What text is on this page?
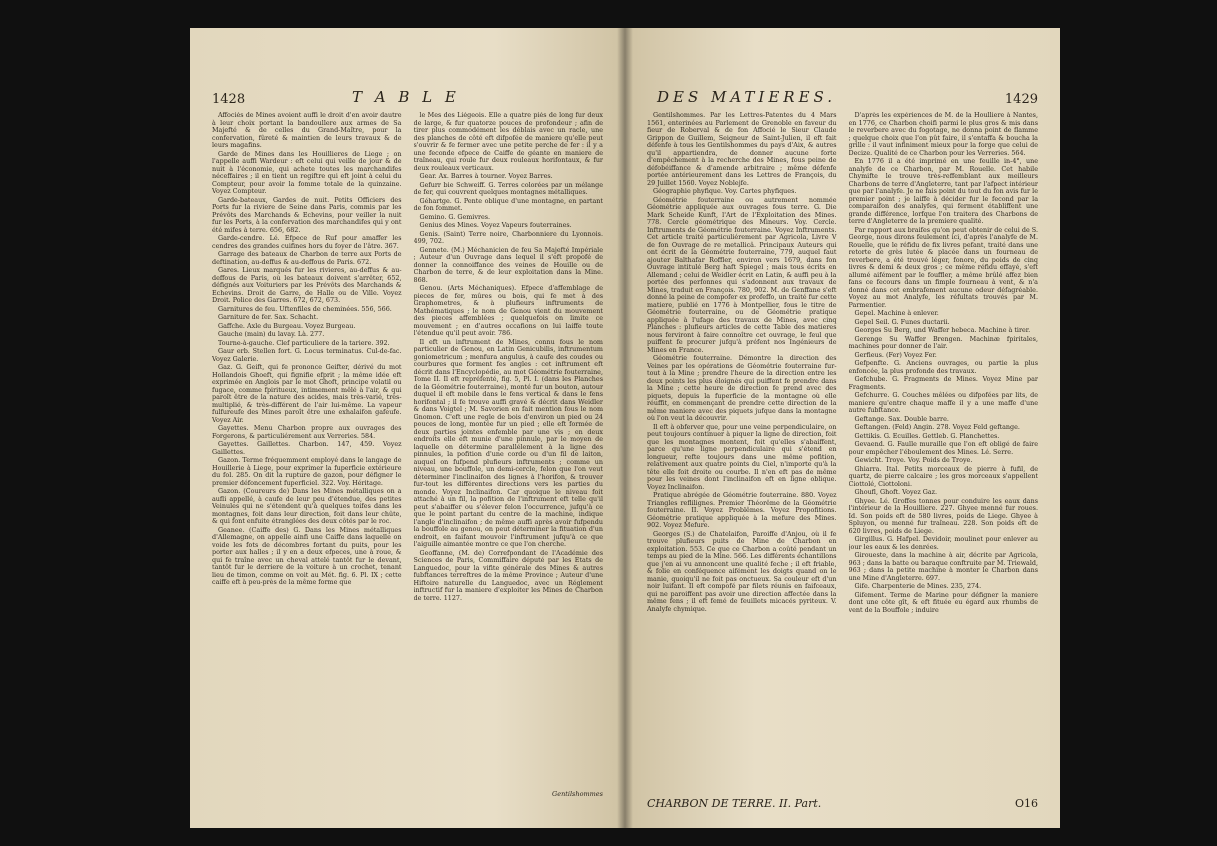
1428	T A B L E

Affociés de Mines avoient auffi le droit d'en avoir dautre à leur choix portant la bandoullere aux armes de Sa Majefté & de celles du Grand-Maître, pour la confervation, fûreté & maintien de leurs travaux & de leurs magafins.

Garde de Mines dans les Houillieres de Liege ; on l'appelle auffi Wardeur : eft celui qui veille de jour & de nuit à l'économie, qui achete toutes les marchandifes néceffaires ; il en tient un regiftre qui eft joint à celui du Compteur, pour avoir la fomme totale de la quinzaine. Voyez Compteur.

Garde-bateaux, Gardes de nuit. Petits Officiers des Ports fur la riviere de Seine dans Paris, commis par les Prévôts des Marchands & Echevins, pour veiller la nuit fur les Ports, à la confervation des marchandifes qui y ont été mifes à terre. 656, 682.

Garde-cendre. Lé. Efpece de Ruf pour amaffer les cendres des grandes cuifines hors du foyer de l'âtre. 367.

Garrage des bateaux de Charbon de terre aux Ports de deftination, au-deffus & au-deffous de Paris. 672.

Gares. Lieux marqués fur les rivieres, au-deffus & au-deffous de Paris, où les bateaux doivent s'arrêter, 652, défignés aux Voituriers par les Prévôts des Marchands & Echevins. Droit de Garre, de Halle ou de Ville. Voyez Droit. Police des Garres. 672, 672, 673.

Garnitures de feu. Uftenfiles de cheminées. 556, 566.

Garniture de fer. Sax. Schacht.

Gaffche. Axle du Burgeau. Voyez Burgeau.

Gauche (main) du lavay. Là. 277.

Tourne-à-gauche. Clef particuliere de la tariere. 392.

Gaur erb. Stellen fort. G. Locus terminatus. Cul-de-fac. Voyez Galerie.

Gaz. G. Geift, qui fe prononce Geifter, dérivé du mot Hollandois Ghoeft, qui fignifie efprit ; la même idée eft exprimée en Anglois par le mot Ghoft, principe volatil ou fugace, comme fpiritueux, intimement mêlé à l'air, & qui paroît être de la nature des acides, mais très-varié, très-multiplié, & très-différent de l'air lui-même. La vapeur fulfureufe des Mines paroît être une exhalaifon gafeufe. Voyez Air.

Gayettes. Menu Charbon propre aux ouvrages des Forgerons, & particuliérement aux Verreries. 584.

Gayettes. Gaillettes. Charbon. 147, 459. Voyez Gaillettes.

Gazon. Terme fréquemment employé dans le langage de Houillerie à Liege, pour exprimer la fuperficie extérieure du fol. 285. On dit la rupture de gazon, pour défigner le premier défoncement fuperficiel. 322. Voy. Héritage.

Gazon. (Coureurs de) Dans les Mines métalliques on a aufli appellé, à caufe de leur peu d'étendue, des petites Veinules qui ne s'étendent qu'à quelques toifes dans les montagnes, foit dans leur direction, foit dans leur chûte, & qui font enfuite étranglées des deux côtés par le roc.

Geanee. (Caiffe des) G. Dans les Mines métalliques d'Allemagne, on appelle ainfi une Caiffe dans laquelle on voide les fots de décombres fortant du puits, pour les porter aux halles ; il y en a deux efpeces, une à roue, & qui fe traîne avec un cheval attelé tantôt fur le devant, tantôt fur le derriere de la voiture à un crochet, tenant lieu de timon, comme on voit au Mét. fig. 6. Pl. IX ; cette caiffe eft à peu-près de la même forme que

le Mes des Liégeois. Elle a quatre piés de long fur deux de large, & fur quatorze pouces de profondeur ; afin de tirer plus commodément les déblais avec un racle, une des planches de côté eft difpofée de maniere qu'elle peut s'ouvrir & fe fermer avec une petite perche de fer : il y a une feconde efpece de Caiffe de géante en maniere de traîneau, qui roule fur deux rouleaux horifontaux, & fur deux rouleaux verticaux.

Gear. Ax. Barres à tourner. Voyez Barres.

Gefurr bie Schweiff. G. Terres colorées par un mélange de fer, qui couvrent quelques montagnes métalliques.

Géhartge. G. Pente oblique d'une montagne, en partant de fon fommet.

Gemino. G. Gemivres.

Genius des Mines. Voyez Vapeurs fouterraines.

Genis. (Saint) Terre noire, Charbonniere du Lyonnois. 499, 702.

Gennete. (M.) Méchanicien de feu Sa Majefté Impériale ; Auteur d'un Ouvrage dans lequel il s'eft propofé de donner la connoiffance des veines de Houille ou de Charbon de terre, & de leur exploitation dans la Mine. 868.

Genou. (Arts Méchaniques). Efpece d'affemblage de pieces de fer, mûres ou bois, qui fe met à des Graphometres, & à plufieurs inftruments de Mathématiques ; le nom de Genou vient du mouvement des pieces affemblées ; quelquefois on limite ce mouvement ; en d'autres occafions on lui laiffe toute l'étendue qu'il peut avoir. 786.

Il eft un inftrument de Mines, connu fous le nom particulier de Genou, en Latin Genicubilis, inftrumentum goniometricum ; menfura angulus, à caufe des coudes ou courbures que forment fes angles : cet inftrument eft décrit dans l'Encyclopédie, au mot Géométrie fouterraine, Tome II. Il eft repréfenté, fig. 5, Pl. I. (dans les Planches de la Géométrie fouterraine), monté fur un bouton, autour duquel il eft mobile dans le fens vertical & dans le fens horifontal ; il fe trouve auffi gravé & décrit dans Weidler & dans Voigtel ; M. Savorien en fait mention fous le nom Gnomon. C'eft une regle de bois d'environ un pied ou 24 pouces de long, montée fur un pied ; elle eft formée de deux parties jointes enfemble par une vis ; en deux endroits elle eft munie d'une pinnule, par le moyen de laquelle on détermine parallélement à la ligne des pinnules, la pofition d'une corde ou d'un fil de laiton, auquel on fufpend plufieurs inftruments ; comme un niveau, une bouffole, un demi-cercle, felon que l'on veut déterminer l'inclinaifon des lignes à l'horifon, & trouver fur-tout les différentes directions vers les parties du monde. Voyez Inclinaifon. Car quoique le niveau foit attaché à un fil, la pofition de l'inftrument eft telle qu'il peut s'abaiffer ou s'élever felon l'occurrence, jufqu'à ce que le point partant du centre de la machine, indique l'angle d'inclinaifon ; de même auffi après avoir fufpendu la bouffole au genou, on peut déterminer la fituation d'un endroit, en faifant mouvoir l'inftrument jufqu'à ce que l'aiguille aimantée montre ce que l'on cherche.

Geoffanne, (M. de) Correfpondant de l'Académie des Sciences de Paris, Commiffaire député par les Etats de Languedoc, pour la vifite générale des Mines & autres fubftances terreftres de la même Province ; Auteur d'une Hiftoire naturelle du Languedoc, avec un Réglement inftructif fur la maniere d'exploiter les Mines de Charbon de terre. 1127.

Gentilshommes
DES MATIERES.	1429

Gentilshommes. Par les Lettres-Patentes du 4 Mars 1561, enterinées au Parlement de Grenoble en faveur du fieur de Roberval & de fon Affocié le Sieur Claude Grippon de Guillem, Seigneur de Saint-Julien, il eft fait défenfe à tous les Gentilshommes du pays d'Aix, & autres qu'il appartiendra, de donner aucune forte d'empêchement à la recherche des Mines, fous peine de défobéiffance & d'amende arbitraire ; même défenfe portée antérieurement dans les Lettres de François, du 29 Juillet 1560. Voyez Noblejfe.

Géographie phyfique. Voy. Cartes phyfiques.

Géométrie fouterraine ou autrement nommée Géométrie appliquée aux ouvrages fous terre. G. Die Mark Scheide Kunft, l'Art de l'Exploitation des Mines. 778. Cercle géométrique des Mineurs. Voy. Cercle. Inftruments de Géométrie fouterraine. Voyez Inftruments. Cet article traité particuliérement par Agricola, Livre V de fon Ouvrage de re metallicâ. Principaux Auteurs qui ont écrit de la Géométrie fouterraine, 779, auquel faut ajouter Balthafar Roffler, environ vers 1679, dans fon Ouvrage intitulé Berg haft Spiegel ; mais tous écrits en Allemand ; celui de Weidler écrit en Latin, & auffi peu à la portée des perfonnes qui s'adonnent aux travaux de Mines, traduit en François. 780, 902. M. de Genffane s'eft donné la peine de compofer ex profeffo, un traité fur cette matiere, publié en 1776 à Montpellier, fous le titre de Géométrie fouterraine, ou de Géométrie pratique appliquée à l'ufage des travaux de Mines, avec cinq Planches : plufieurs articles de cette Table des matieres nous ferviront à faire connoître cet ouvrage, le feul que puiffent fe procurer jufqu'à préfent nos Ingénieurs de Mines en France.

Géométrie fouterraine. Démontre la direction des Veines par les opérations de Géométrie fouterraine fur-tout à la Mine ; prendre l'heure de la direction entre les deux points les plus éloignés qui puiffent fe prendre dans la Mine ; cette heure de direction fe prend avec des piquets, depuis la fuperficie de la montagne où elle réuffit, en commençant de prendre cette direction de la même maniere avec des piquets jufque dans la montagne où l'on veut la découvrir.

Il eft à obferver que, pour une veine perpendiculaire, on peut toujours continuer à piquer la ligne de direction, foit que les montagnes montent, foit qu'elles s'abaiffent, parce qu'une ligne perpendiculaire qui s'étend en longueur, refte toujours dans une même pofition, relativement aux quatre points du Ciel, n'importe qu'à la tête elle foit droite ou courbe. Il n'en eft pas de même pour les veines dont l'inclinaifon eft en ligne oblique. Voyez Inclinaifon.

Pratique abrégée de Géométrie fouterraine. 880. Voyez Triangles reflilignes. Premier Théorême de la Géométrie fouterraine. II. Voyez Problêmes. Voyez Propofitions. Géométrie pratique appliquée à la mefure des Mines. 902. Voyez Mefure.

Georges (S.) de Chatelaifon, Paroiffe d'Anjou, où il fe trouve plufieurs puits de Mine de Charbon en exploitation. 553. Ce que ce Charbon a coûté pendant un temps au pied de la Mine. 566. Les différents échantillons que j'en ai vu annoncent une qualité feche ; il eft friable, & folie en conféquence aifément les doigts quand on le manie, quoiqu'il ne foit pas onctueux. Sa couleur eft d'un noir luifant. Il eft compofé par filets réunis en faifceaux, qui ne paroiffent pas avoir une direction affectée dans la même fens ; il eft femé de feuillets micacés pyriteux. V. Analyfe chymique.

D'après les expériences de M. de la Houlliere à Nantes, en 1776, ce Charbon choifi parmi le plus gros & mis dans le reverbere avec du fogotage, ne donna point de flamme ; quelque choix que l'on pût faire, il s'entaffa & boucha la grille : il vaut infiniment mieux pour la forge que celui de Decize. Qualité de ce Charbon pour les Verreries. 564.

En 1776 il a été imprimé en une feuille in-4°, une analyfe de ce Charbon, par M. Rouelle. Cet habile Chymifte le trouve très-reffemblant aux meilleurs Charbons de terre d'Angleterre, tant par l'afpect intérieur que par l'analyfe. Je ne fais point du tout du fon avis fur le premier point ; je laiffe à décider fur le fecond par la comparaifon des analyfes, qui ferment établiffent une grande différence, lorfque l'on traitera des Charbons de terre d'Angleterre de la premiere qualité.

Par rapport aux braifes qu'on peut obtenir de celui de S. George, nous dirons feulement ici, d'après l'analyfe de M. Rouelle, que le réfidu de fix livres pefant, traité dans une retorte de grès lutée & placée dans un fourneau de reverbere, a été trouvé léger, fonore, du poids de cinq livres & demi & deux gros ; ce même réfidu effayé, s'eft allumé aifément par le fouffler, a même brûlé affez bien fans ce fecours dans un fimple fourneau à vent, & n'a donné dans cet embrafement aucune odeur défagréable. Voyez au mot Analyfe, les réfultats trouvés par M. Parmentier.

Gepel. Machine à enlever.

Gepel Seil. G. Funes ductarii.

Georges Su Berg, und Waffer hebeca. Machine à tirer.

Gerenge Su Waffer Brengen. Machinæ fpiritales, machines pour donner de l'air.

Gerfieus. (Fer) Voyez Fer.

Gefpenfte. G. Anciens ouvrages, ou partie la plus enfoncée, la plus profonde des travaux.

Gefchube. G. Fragments de Mines. Voyez Mine par Fragments.

Gefchurre. G. Couches mêlées ou difpofées par lits, de maniere qu'entre chaque maffe il y a une maffe d'une autre fubftance.

Geftange. Sax. Double barre.

Geftangen. (Feld) Angin. 278. Voyez Feld geftange.

Gettikis. G. Ecuilles. Gettleb. G. Planchettes.

Gevaend. G. Faulle muraille que l'on eft obligé de faire pour empêcher l'éboulement des Mines. Lé. Serre.

Gewicht. Troye. Voy. Poids de Troye.

Ghiarra. Ital. Petits morceaux de pierre à fufil, de quartz, de pierre calcaire ; les gros morceaux s'appellent Ciottolé, Ciottoloni.

Ghoufl, Ghoft. Voyez Gaz.

Ghyee. Lé. Groffes tonnes pour conduire les eaux dans l'intérieur de la Houilliere. 227. Ghyee menné fur roues. Id. Son poids eft de 580 livres, poids de Liege. Ghyee à Spluyon, ou menné fur traîneau. 228. Son poids eft de 620 livres, poids de Liege.

Girgillus. G. Hafpel. Devidoir, moulinet pour enlever au jour les eaux & les denrées.

Giroueste, dans la machine à air, décrite par Agricola, 963 ; dans la batte ou baraque conftruite par M. Triewald, 963 ; dans la petite machine à monter le Charbon dans une Mine d'Angleterre. 697.

Gife. Charpenterie de Mines. 235, 274.

Gifement. Terme de Marine pour défigner la maniere dont une côte gît, & eft fituée eu égard aux rhumbs de vent de la Bouffole ; induire

CHARBON DE TERRE. II. Part.	O16
